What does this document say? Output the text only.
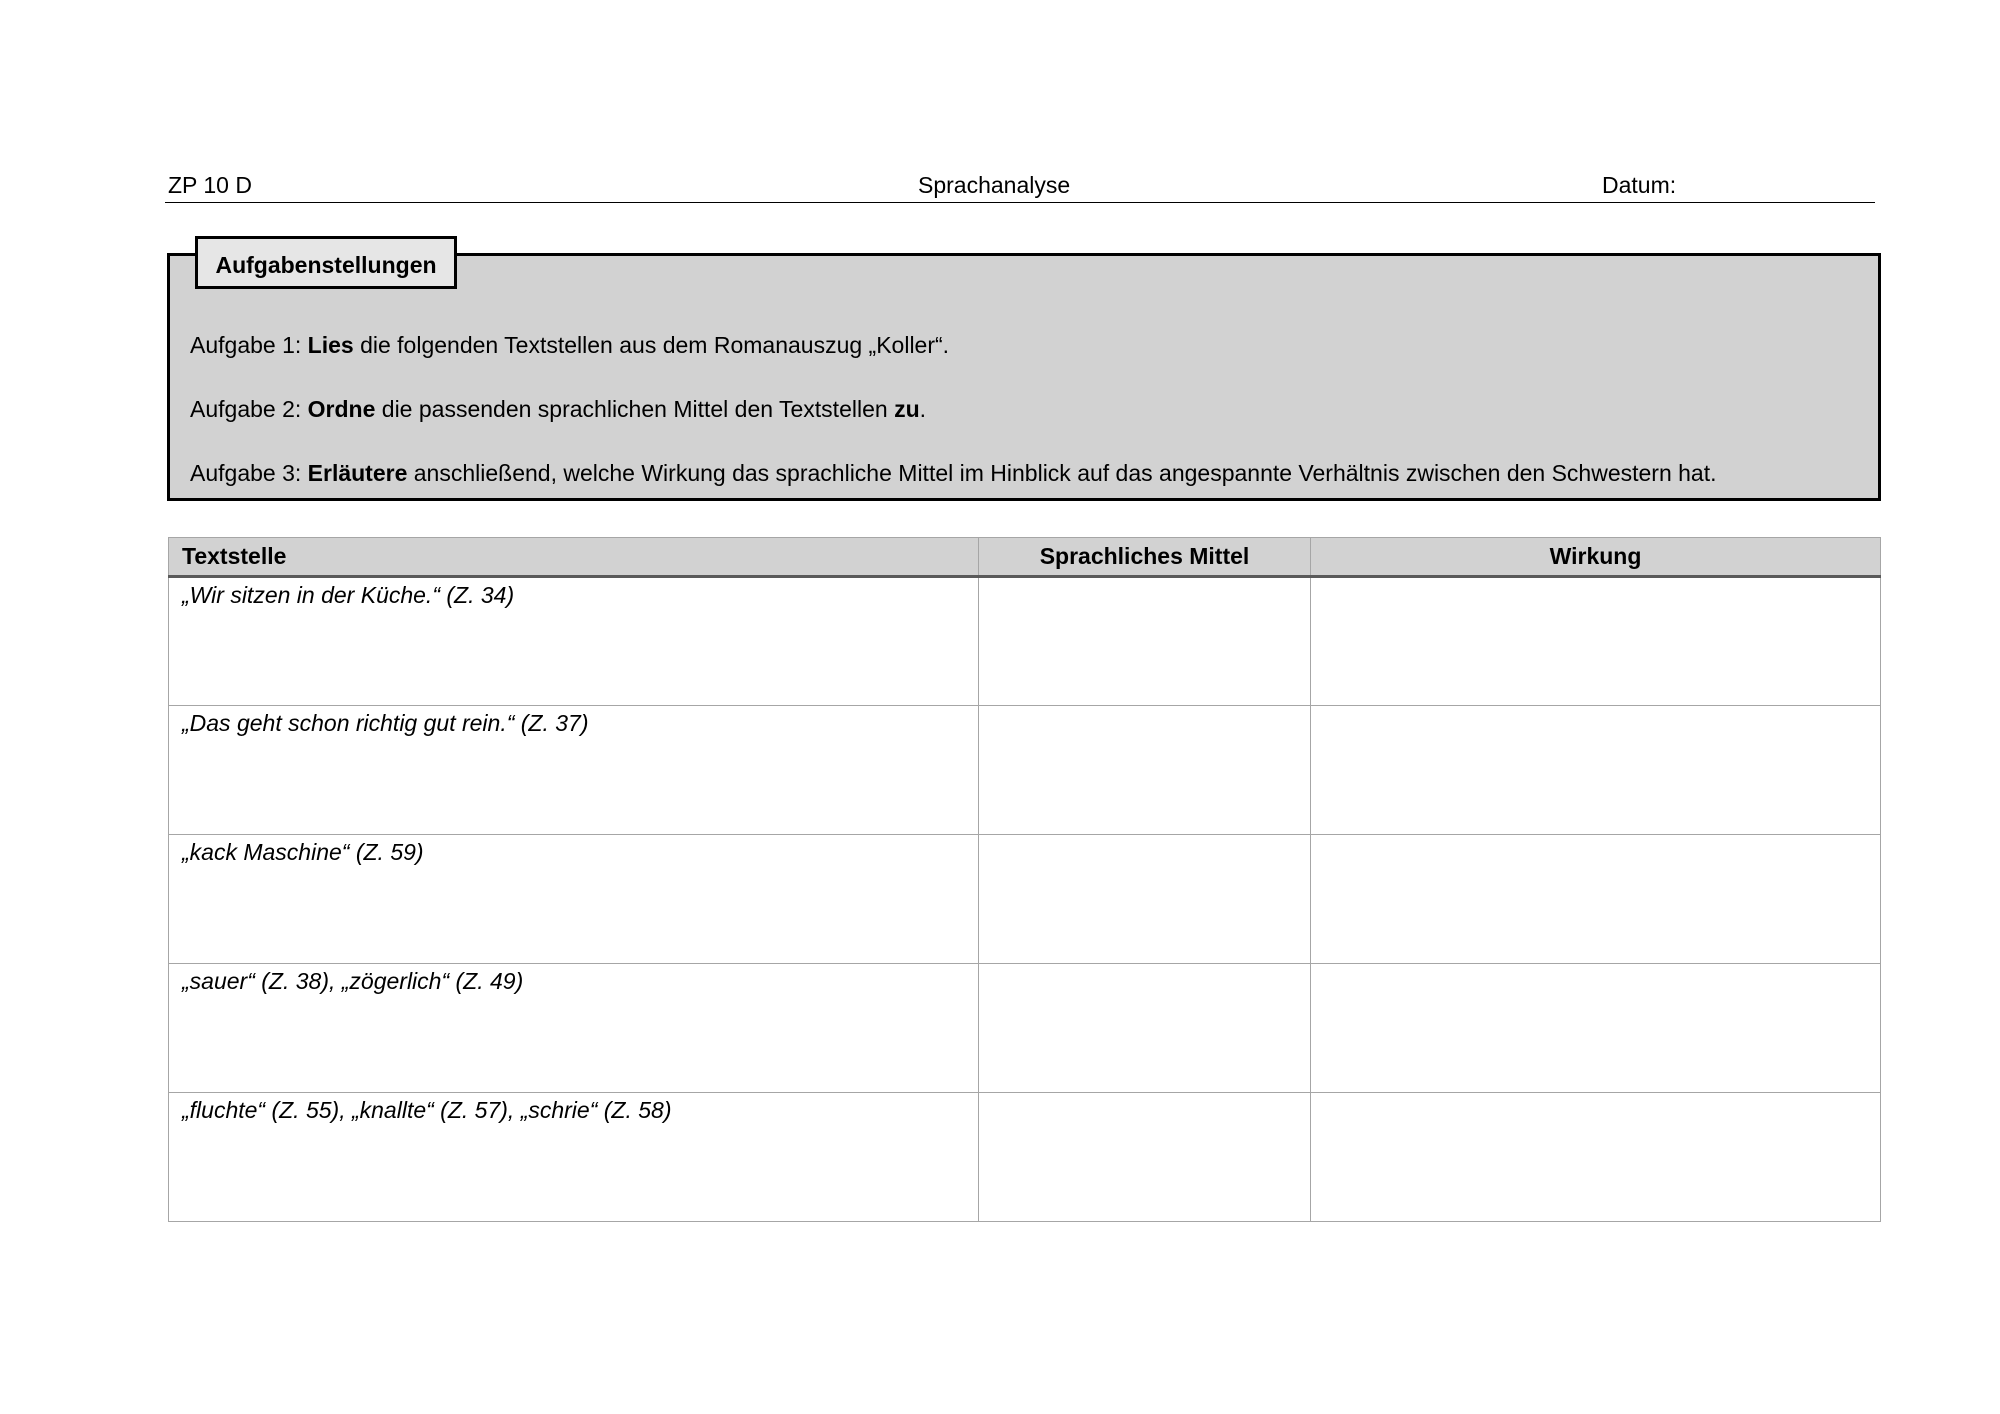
ZP 10 D	Sprachanalyse	Datum:
Aufgabenstellungen
Aufgabe 1: Lies die folgenden Textstellen aus dem Romanauszug „Koller“.
Aufgabe 2: Ordne die passenden sprachlichen Mittel den Textstellen zu.
Aufgabe 3: Erläutere anschließend, welche Wirkung das sprachliche Mittel im Hinblick auf das angespannte Verhältnis zwischen den Schwestern hat.
Textstelle	Sprachliches Mittel	Wirkung
„Wir sitzen in der Küche.“ (Z. 34)		
„Das geht schon richtig gut rein.“ (Z. 37)		
„kack Maschine“ (Z. 59)		
„sauer“ (Z. 38), „zögerlich“ (Z. 49)		
„fluchte“ (Z. 55), „knallte“ (Z. 57), „schrie“ (Z. 58)		
